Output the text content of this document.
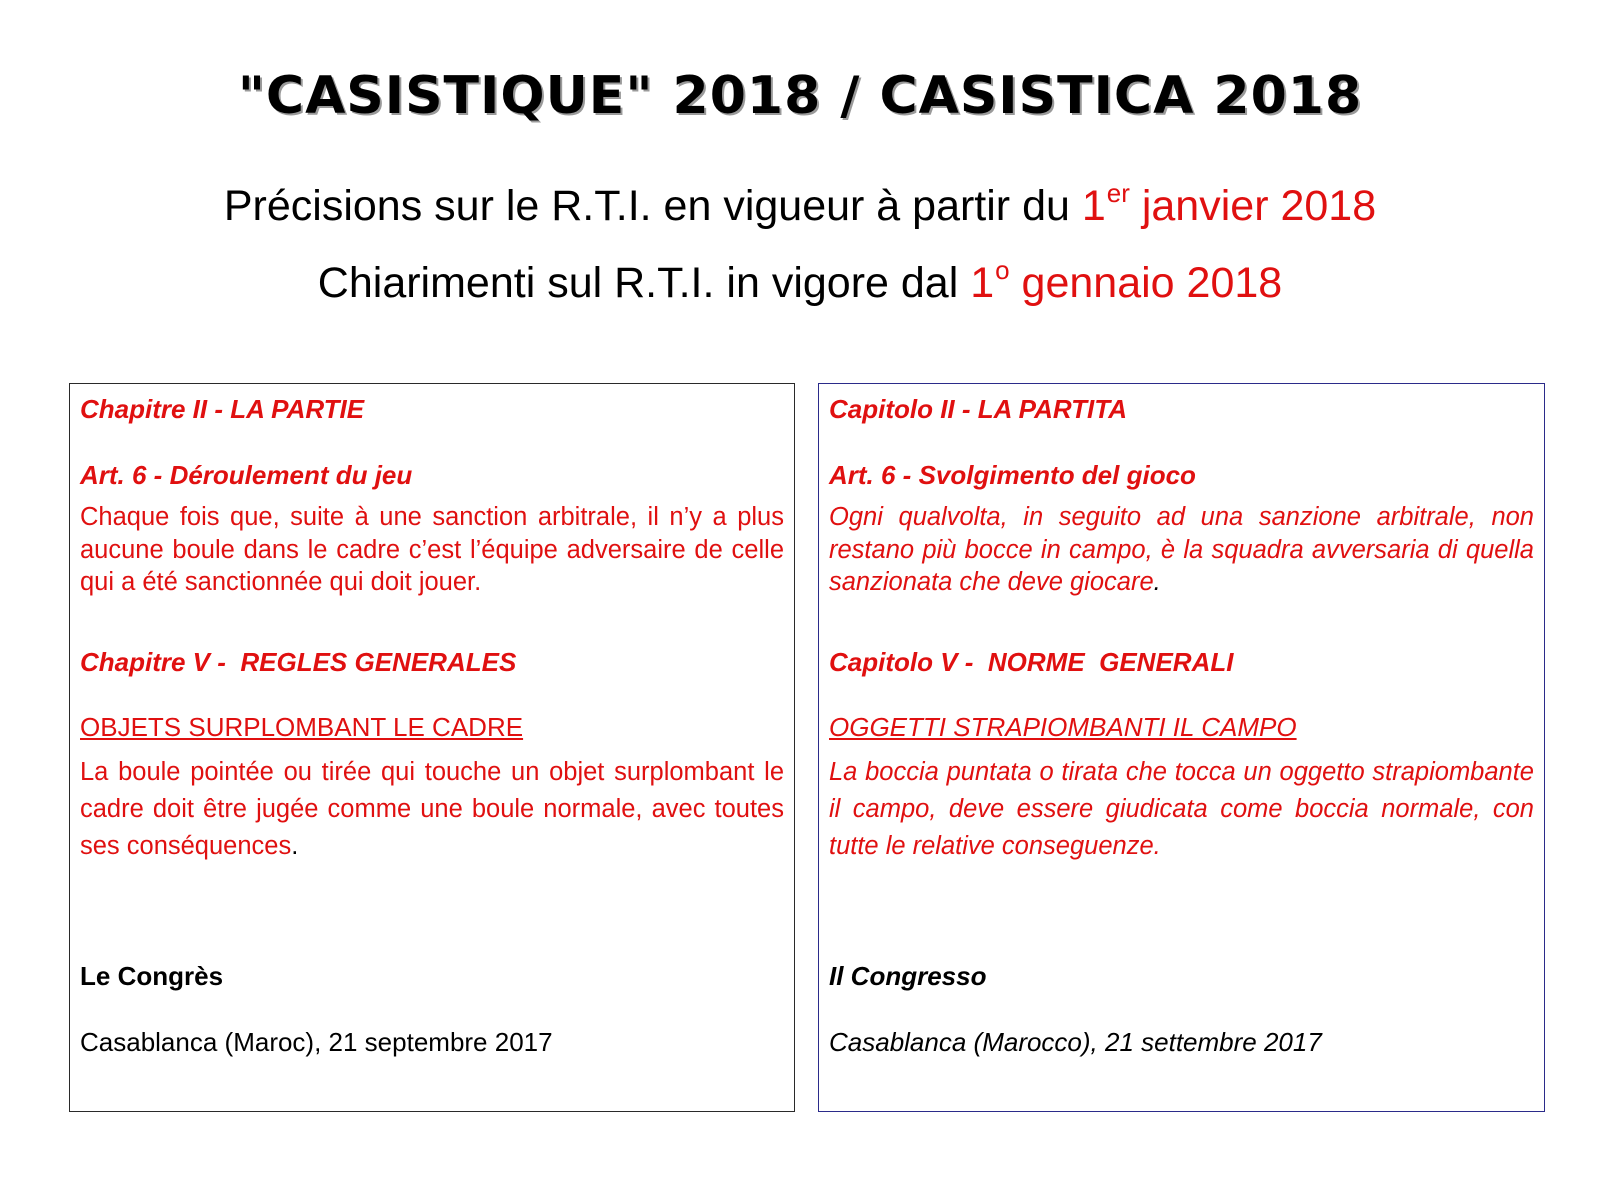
"CASISTIQUE" 2018 / CASISTICA 2018
Précisions sur le R.T.I. en vigueur à partir du 1er janvier 2018
Chiarimenti sul R.T.I. in vigore dal 1$^o$ gennaio 2018
Chapitre II - LA PARTIE
Art. 6 - Déroulement du jeu
Chaque fois que, suite à une sanction arbitrale, il n’y a plus aucune boule dans le cadre c’est l’équipe adversaire de celle qui a été sanctionnée qui doit jouer.
Chapitre V -  REGLES GENERALES
OBJETS SURPLOMBANT LE CADRE
La boule pointée ou tirée qui touche un objet surplombant le cadre doit être jugée comme une boule normale, avec toutes ses conséquences.
Le Congrès
Casablanca (Maroc), 21 septembre 2017
Capitolo II - LA PARTITA
Art. 6 - Svolgimento del gioco
Ogni qualvolta, in seguito ad una sanzione arbitrale, non restano più bocce in campo, è la squadra avversaria di quella sanzionata che deve giocare.
Capitolo V -  NORME  GENERALI
OGGETTI STRAPIOMBANTI IL CAMPO
La boccia puntata o tirata che tocca un oggetto strapiombante il campo, deve essere giudicata come boccia normale, con tutte le relative conseguenze.
Il Congresso
Casablanca (Marocco), 21 settembre 2017
